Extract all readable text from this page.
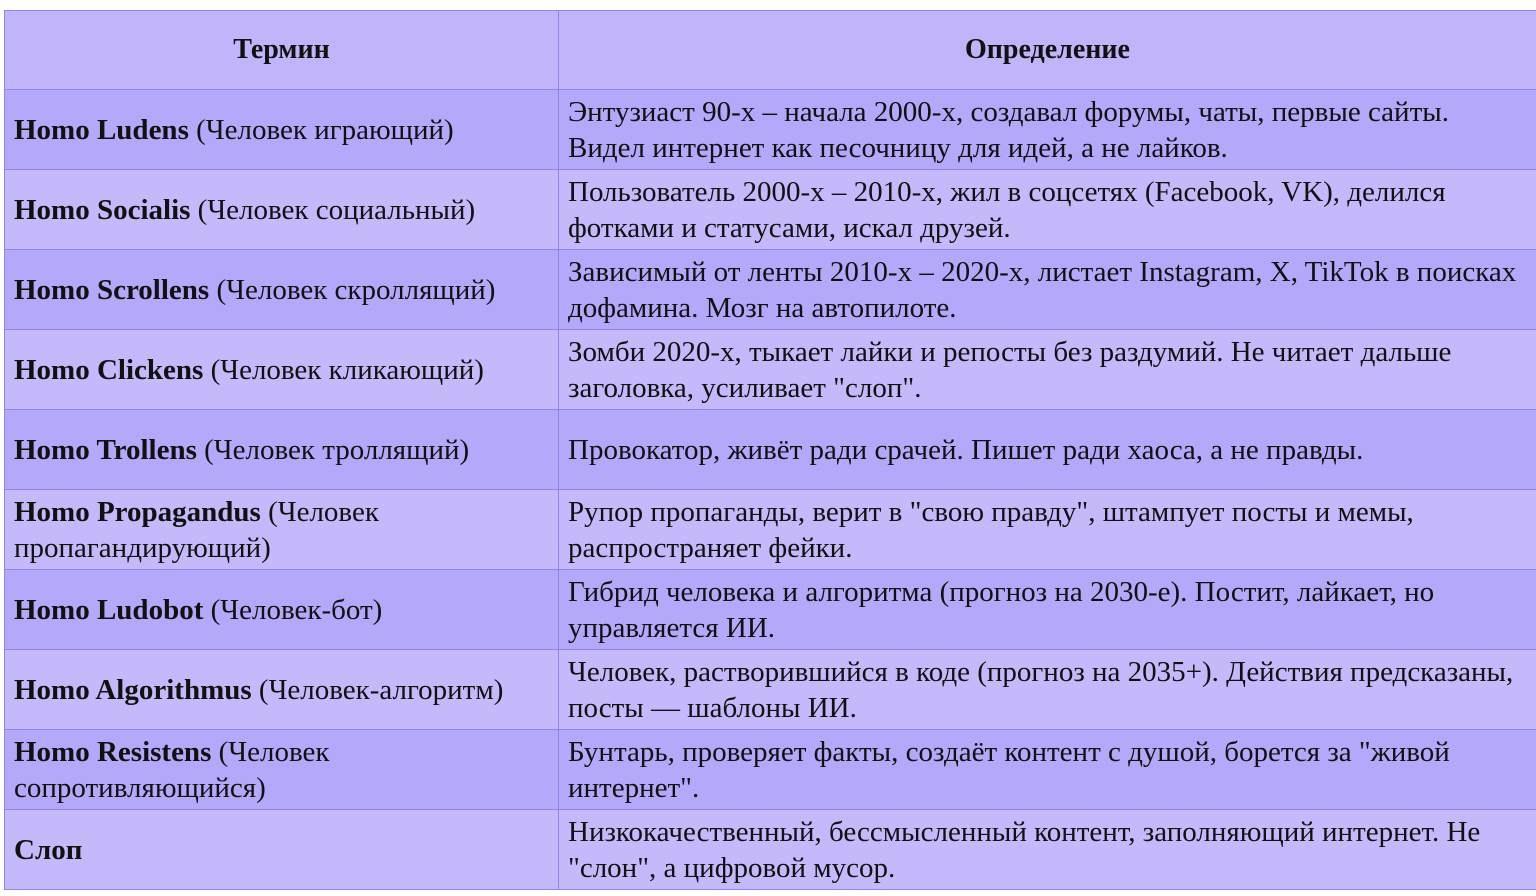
Термин	Определение
Homo Ludens (Человек играющий)	Энтузиаст 90-х – начала 2000-х, создавал форумы, чаты, первые сайты. Видел интернет как песочницу для идей, а не лайков.
Homo Socialis (Человек социальный)	Пользователь 2000-х – 2010-х, жил в соцсетях (Facebook, VK), делился фотками и статусами, искал друзей.
Homo Scrollens (Человек скроллящий)	Зависимый от ленты 2010-х – 2020-х, листает Instagram, X, TikTok в поисках дофамина. Мозг на автопилоте.
Homo Clickens (Человек кликающий)	Зомби 2020-х, тыкает лайки и репосты без раздумий. Не читает дальше заголовка, усиливает "слоп".
Homo Trollens (Человек троллящий)	Провокатор, живёт ради срачей. Пишет ради хаоса, а не правды.
Homo Propagandus (Человек пропагандирующий)	Рупор пропаганды, верит в "свою правду", штампует посты и мемы, распространяет фейки.
Homo Ludobot (Человек-бот)	Гибрид человека и алгоритма (прогноз на 2030-е). Постит, лайкает, но управляется ИИ.
Homo Algorithmus (Человек-алгоритм)	Человек, растворившийся в коде (прогноз на 2035+). Действия предсказаны, посты — шаблоны ИИ.
Homo Resistens (Человек сопротивляющийся)	Бунтарь, проверяет факты, создаёт контент с душой, борется за "живой интернет".
Слоп	Низкокачественный, бессмысленный контент, заполняющий интернет. Не "слон", а цифровой мусор.
